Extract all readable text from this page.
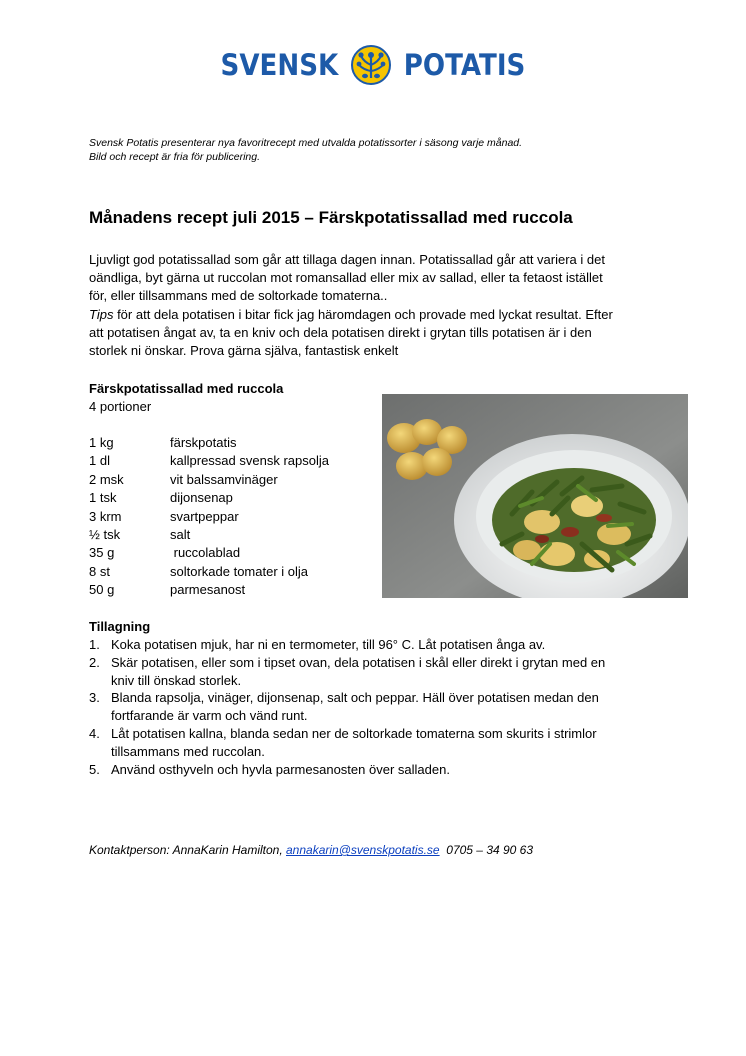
SVENSK POTATIS
Svensk Potatis presenterar nya favoritrecept med utvalda potatissorter i säsong varje månad.
Bild och recept är fria för publicering.
Månadens recept juli 2015 – Färskpotatissallad med ruccola
Ljuvligt god potatissallad som går att tillaga dagen innan. Potatissallad går att variera i det
oändliga, byt gärna ut ruccolan mot romansallad eller mix av sallad, eller ta fetaost istället
för, eller tillsammans med de soltorkade tomaterna..
Tips för att dela potatisen i bitar fick jag häromdagen och provade med lyckat resultat. Efter
att potatisen ångat av, ta en kniv och dela potatisen direkt i grytan tills potatisen är i den
storlek ni önskar. Prova gärna själva, fantastisk enkelt
Färskpotatissallad med ruccola
4 portioner
1 kg	färskpotatis
1 dl	kallpressad svensk rapsolja
2 msk	vit balssamvinäger
1 tsk	dijonsenap
3 krm	svartpeppar
½ tsk	salt
35 g	ruccolablad
8 st	soltorkade tomater i olja
50 g	parmesanost
Tillagning
1. Koka potatisen mjuk, har ni en termometer, till 96° C. Låt potatisen ånga av.
2. Skär potatisen, eller som i tipset ovan, dela potatisen i skål eller direkt i grytan med en
kniv till önskad storlek.
3. Blanda rapsolja, vinäger, dijonsenap, salt och peppar. Häll över potatisen medan den
fortfarande är varm och vänd runt.
4. Låt potatisen kallna, blanda sedan ner de soltorkade tomaterna som skurits i strimlor
tillsammans med ruccolan.
5. Använd osthyveln och hyvla parmesanosten över salladen.
Kontaktperson: AnnaKarin Hamilton, annakarin@svenskpotatis.se  0705 – 34 90 63
